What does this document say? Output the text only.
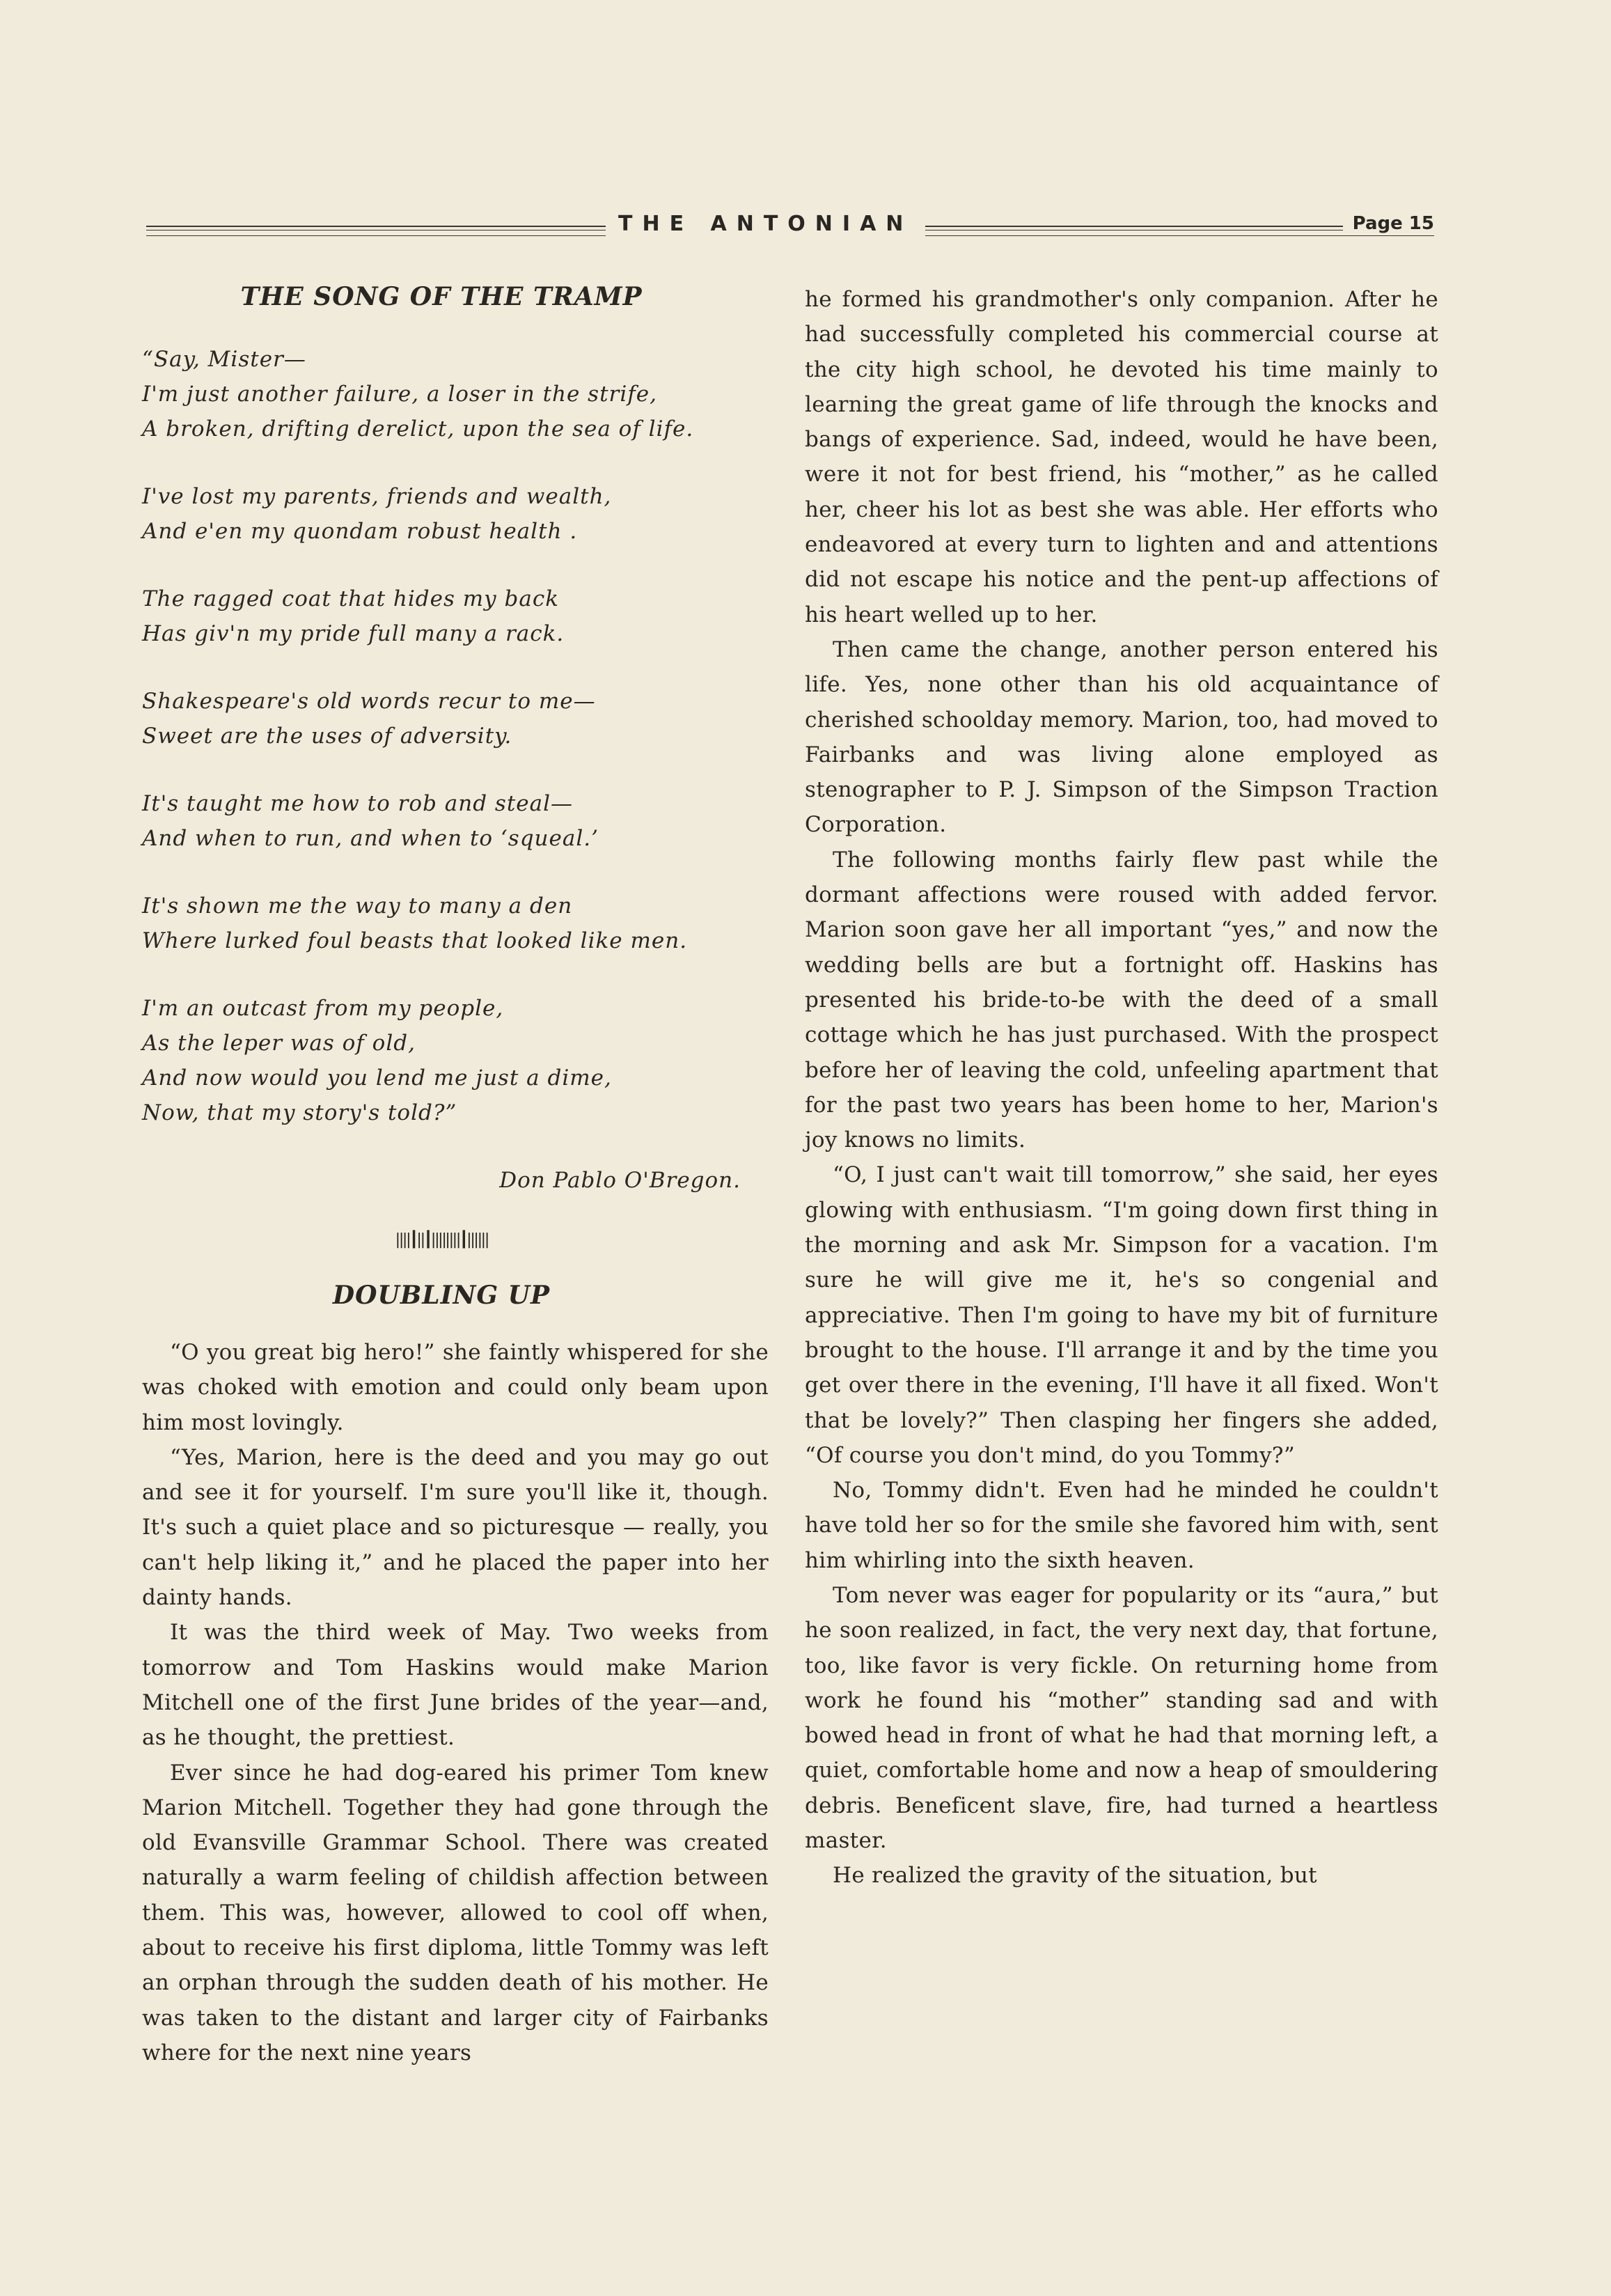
THE ANTONIAN	Page 15
THE SONG OF THE TRAMP

“Say, Mister—

I'm just another failure, a loser in the strife,

A broken, drifting derelict, upon the sea of life.

I've lost my parents, friends and wealth,

And e'en my quondam robust health .

The ragged coat that hides my back

Has giv'n my pride full many a rack.

Shakespeare's old words recur to me—

Sweet are the uses of adversity.

It's taught me how to rob and steal—

And when to run, and when to ‘squeal.’

It's shown me the way to many a den

Where lurked foul beasts that looked like men.

I'm an outcast from my people,

As the leper was of old,

And now would you lend me just a dime,

Now, that my story's told?”

Don Pablo O'Bregon.
‖‖┃‖┃‖‖‖‖┃‖‖‖
DOUBLING UP

“O you great big hero!” she faintly whispered for she was choked with emotion and could only beam upon him most lovingly.

“Yes, Marion, here is the deed and you may go out and see it for yourself. I'm sure you'll like it, though. It's such a quiet place and so picturesque — really, you can't help liking it,” and he placed the paper into her dainty hands.

It was the third week of May. Two weeks from tomorrow and Tom Haskins would make Marion Mitchell one of the first June brides of the year—and, as he thought, the prettiest.

Ever since he had dog-eared his primer Tom knew Marion Mitchell. Together they had gone through the old Evansville Grammar School. There was created naturally a warm feeling of childish affection between them. This was, however, allowed to cool off when, about to receive his first diploma, little Tommy was left an orphan through the sudden death of his mother. He was taken to the distant and larger city of Fairbanks where for the next nine years

he formed his grandmother's only companion. After he had successfully completed his commercial course at the city high school, he devoted his time mainly to learning the great game of life through the knocks and bangs of experience. Sad, indeed, would he have been, were it not for best friend, his “mother,” as he called her, cheer his lot as best she was able. Her efforts who endeavored at every turn to lighten and and attentions did not escape his notice and the pent-up affections of his heart welled up to her.

Then came the change, another person entered his life. Yes, none other than his old acquaintance of cherished schoolday memory. Marion, too, had moved to Fairbanks and was living alone employed as stenographer to P. J. Simpson of the Simpson Traction Corporation.

The following months fairly flew past while the dormant affections were roused with added fervor. Marion soon gave her all important “yes,” and now the wedding bells are but a fortnight off. Haskins has presented his bride-to-be with the deed of a small cottage which he has just purchased. With the prospect before her of leaving the cold, unfeeling apartment that for the past two years has been home to her, Marion's joy knows no limits.

“O, I just can't wait till tomorrow,” she said, her eyes glowing with enthusiasm. “I'm going down first thing in the morning and ask Mr. Simpson for a vacation. I'm sure he will give me it, he's so congenial and appreciative. Then I'm going to have my bit of furniture brought to the house. I'll arrange it and by the time you get over there in the evening, I'll have it all fixed. Won't that be lovely?” Then clasping her fingers she added, “Of course you don't mind, do you Tommy?”

No, Tommy didn't. Even had he minded he couldn't have told her so for the smile she favored him with, sent him whirling into the sixth heaven.

Tom never was eager for popularity or its “aura,” but he soon realized, in fact, the very next day, that fortune, too, like favor is very fickle. On returning home from work he found his “mother” standing sad and with bowed head in front of what he had that morning left, a quiet, comfortable home and now a heap of smouldering debris. Beneficent slave, fire, had turned a heartless master.

He realized the gravity of the situation, but
